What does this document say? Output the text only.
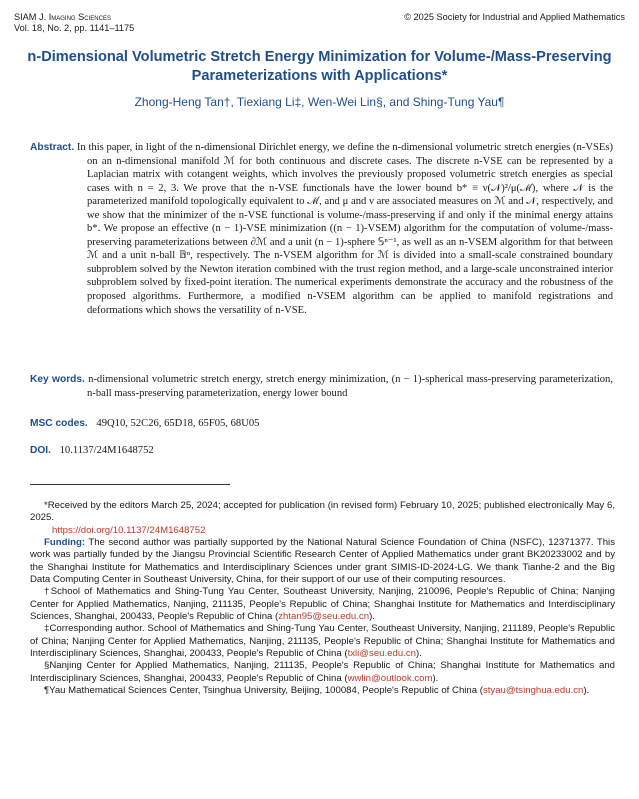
SIAM J. Imaging Sciences
Vol. 18, No. 2, pp. 1141–1175
© 2025 Society for Industrial and Applied Mathematics
n-Dimensional Volumetric Stretch Energy Minimization for Volume-/Mass-Preserving Parameterizations with Applications*
Zhong-Heng Tan†, Tiexiang Li‡, Wen-Wei Lin§, and Shing-Tung Yau¶
Abstract. In this paper, in light of the n-dimensional Dirichlet energy, we define the n-dimensional volumetric stretch energies (n-VSEs) on an n-dimensional manifold ℳ for both continuous and discrete cases. The discrete n-VSE can be represented by a Laplacian matrix with cotangent weights, which involves the previously proposed volumetric stretch energies as special cases with n = 2, 3. We prove that the n-VSE functionals have the lower bound b* ≡ ν(𝒩)²/μ(ℳ), where 𝒩 is the parameterized manifold topologically equivalent to ℳ, and μ and ν are associated measures on ℳ and 𝒩, respectively, and we show that the minimizer of the n-VSE functional is volume-/mass-preserving if and only if the minimal energy attains b*. We propose an effective (n − 1)-VSE minimization ((n − 1)-VSEM) algorithm for the computation of volume-/mass-preserving parameterizations between ∂ℳ and a unit (n − 1)-sphere 𝕊ⁿ⁻¹, as well as an n-VSEM algorithm for that between ℳ and a unit n-ball 𝔹ⁿ, respectively. The n-VSEM algorithm for ℳ is divided into a small-scale constrained boundary subproblem solved by the Newton iteration combined with the trust region method, and a large-scale unconstrained interior subproblem solved by fixed-point iteration. The numerical experiments demonstrate the accuracy and the robustness of the proposed algorithms. Furthermore, a modified n-VSEM algorithm can be applied to manifold registrations and deformations which shows the versatility of n-VSE.
Key words. n-dimensional volumetric stretch energy, stretch energy minimization, (n − 1)-spherical mass-preserving parameterization, n-ball mass-preserving parameterization, energy lower bound
MSC codes. 49Q10, 52C26, 65D18, 65F05, 68U05
DOI. 10.1137/24M1648752

*Received by the editors March 25, 2024; accepted for publication (in revised form) February 10, 2025; published electronically May 6, 2025.
https://doi.org/10.1137/24M1648752

Funding: The second author was partially supported by the National Natural Science Foundation of China (NSFC), 12371377. This work was partially funded by the Jiangsu Provincial Scientific Research Center of Applied Mathematics under grant BK20233002 and by the Shanghai Institute for Mathematics and Interdisciplinary Sciences under grant SIMIS-ID-2024-LG. We thank Tianhe-2 and the Big Data Computing Center in Southeast University, China, for their support of our use of their computing resources.

†School of Mathematics and Shing-Tung Yau Center, Southeast University, Nanjing, 210096, People's Republic of China; Nanjing Center for Applied Mathematics, Nanjing, 211135, People's Republic of China; Shanghai Institute for Mathematics and Interdisciplinary Sciences, Shanghai, 200433, People's Republic of China (zhtan95@seu.edu.cn).

‡Corresponding author. School of Mathematics and Shing-Tung Yau Center, Southeast University, Nanjing, 211189, People's Republic of China; Nanjing Center for Applied Mathematics, Nanjing, 211135, People's Republic of China; Shanghai Institute for Mathematics and Interdisciplinary Sciences, Shanghai, 200433, People's Republic of China (txli@seu.edu.cn).

§Nanjing Center for Applied Mathematics, Nanjing, 211135, People's Republic of China; Shanghai Institute for Mathematics and Interdisciplinary Sciences, Shanghai, 200433, People's Republic of China (wwlin@outlook.com).

¶Yau Mathematical Sciences Center, Tsinghua University, Beijing, 100084, People's Republic of China (styau@tsinghua.edu.cn).
